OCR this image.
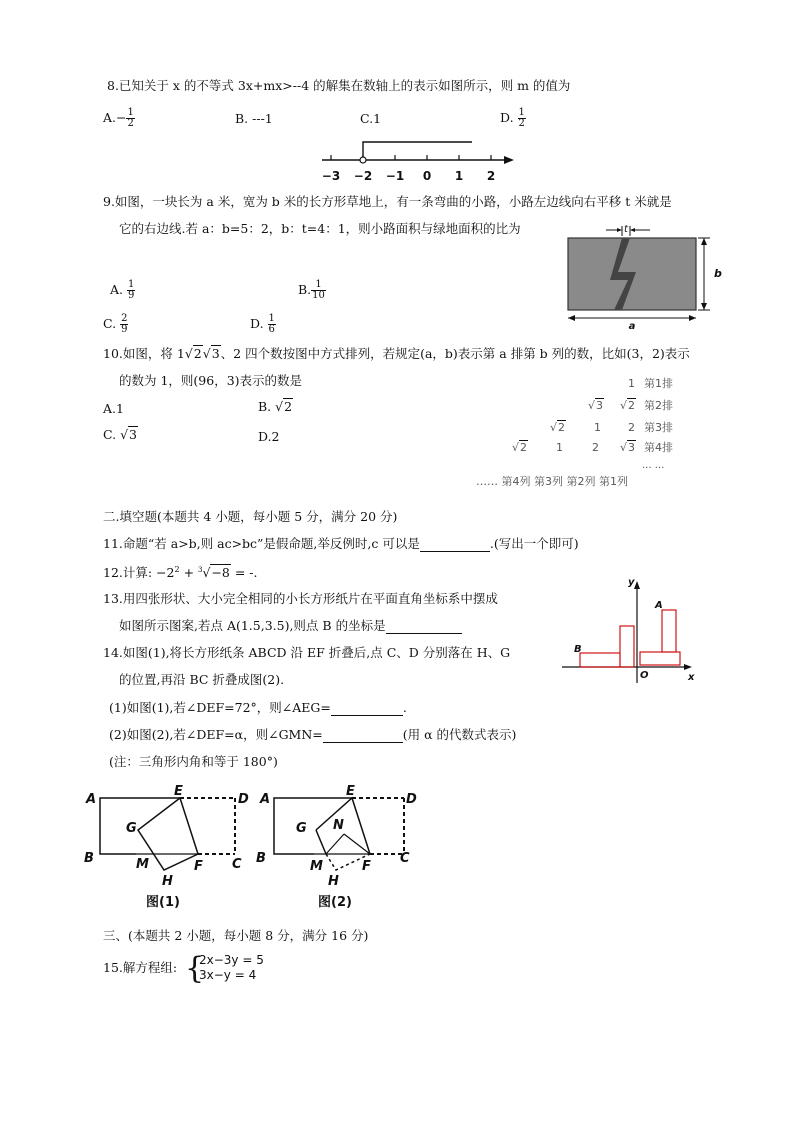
8.已知关于 x 的不等式 3x+mx>--4 的解集在数轴上的表示如图所示，则 m 的值为
$A.- \frac{1}{2}$	B. ---1	C.1	D. $\frac{1}{2}$
−3 −2 −1 0 1 2
9.如图，一块长为 a 米，宽为 b 米的长方形草地上，有一条弯曲的小路，小路左边线向右平移 t 米就是
它的右边线.若 a：b=5：2，b：t=4：1，则小路面积与绿地面积的比为
A. $\frac{1}{9}$	B. $\frac{1}{10}$
C. $\frac{2}{9}$	D. $\frac{1}{6}$
t
b
a
10.如图，将 1√2√3、2 四个数按图中方式排列，若规定(a，b)表示第 a 排第 b 列的数，比如(3，2)表示
的数为 1，则(96，3)表示的数是
A.1	B. √2
C. √3	D.2
1 第1排
√3 √2 第2排
√2	1 2 第3排
√2	1	2 √3 第4排
... ...
…… 第4列 第3列 第2列 第1列
二.填空题(本题共 4 小题，每小题 5 分，满分 20 分)
11.命题“若 a>b,则 ac>bc”是假命题,举反例时,c 可以是	.(写出一个即可)
12.计算: $-2^2 + ^3√-8$ = -.
13.用四张形状、大小完全相同的小长方形纸片在平面直角坐标系中摆成
如图所示图案,若点 A(1.5,3.5),则点 B 的坐标是
y
x
O
A
B
14.如图(1),将长方形纸条 ABCD 沿 EF 折叠后,点 C、D 分别落在 H、G
的位置,再沿 BC 折叠成图(2).
(1)如图(1),若∠DEF=72°，则∠AEG=	.
(2)如图(2),若∠DEF=α，则∠GMN=	(用 α 的代数式表示)
(注：三角形内角和等于 180°)
A
E
D
G
B	M	F C
H
图(1)
A
E
D
G
B
M	F
C
H
N
图(2)
三、(本题共 2 小题，每小题 8 分，满分 16 分)
15.解方程组: {
2x−3y = 5
3x−y = 4
